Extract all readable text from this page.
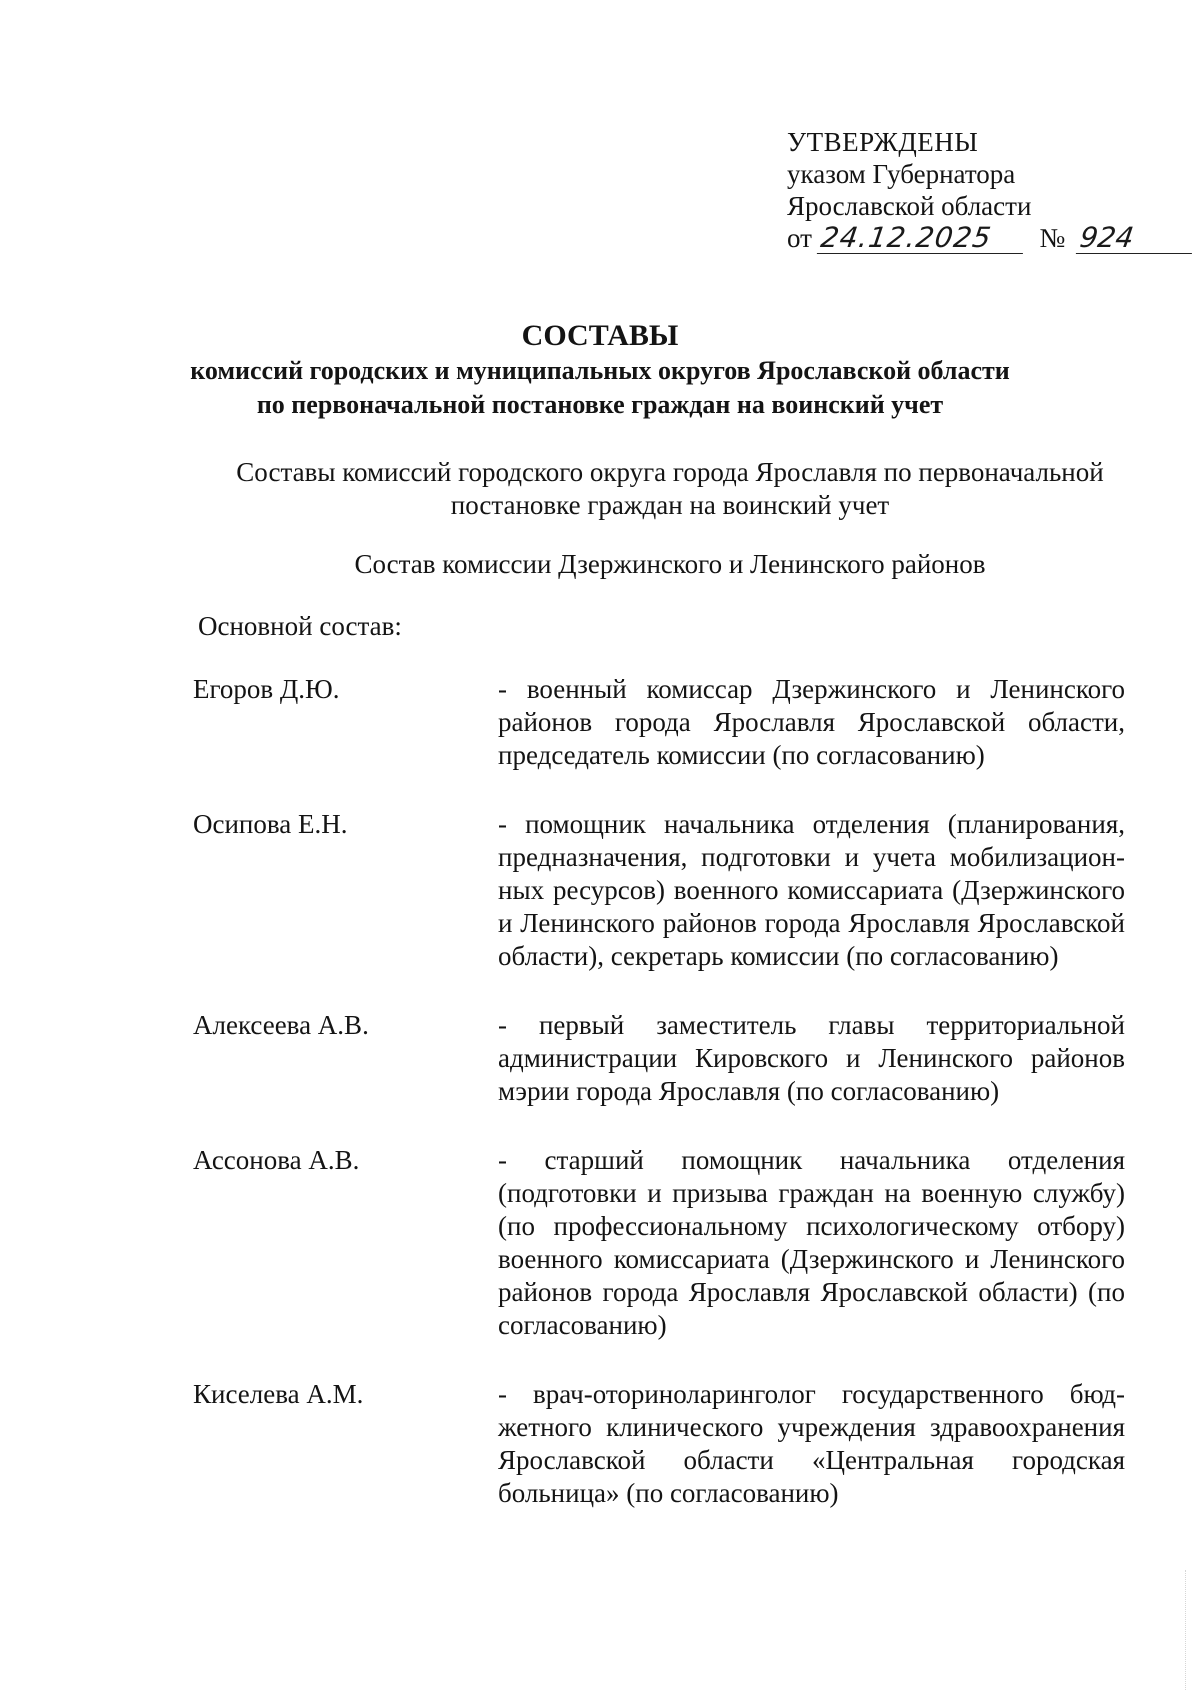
УТВЕРЖДЕНЫ
указом Губернатора
Ярославской области
от 24.12.2025 № 924
СОСТАВЫ
комиссий городских и муниципальных округов Ярославской области
по первоначальной постановке граждан на воинский учет
Составы комиссий городского округа города Ярославля по первоначальной
постановке граждан на воинский учет
Состав комиссии Дзержинского и Ленинского районов
Основной состав:
Егоров Д.Ю.	- военный комиссар Дзержинского и Ленинского районов города Ярославля Ярославской области, председатель комиссии (по согласованию)
Осипова Е.Н.	- помощник начальника отделения (планирования, предназначения, подготовки и учета мобилизационных ресурсов) военного комиссариата (Дзержинского и Ленинского районов города Ярославля Ярославской области), секретарь комиссии (по согласованию)
Алексеева А.В.	- первый заместитель главы территориальной администрации Кировского и Ленинского районов мэрии города Ярославля (по согласованию)
Ассонова А.В.	- старший помощник начальника отделения (подготовки и призыва граждан на военную службу) (по профессиональному психологическому отбору) военного комиссариата (Дзержинского и Ленинского районов города Ярославля Ярославской области) (по согласованию)
Киселева А.М.	- врач-оториноларинголог государственного бюджетного клинического учреждения здравоохранения Ярославской области «Центральная городская больница» (по согласованию)
